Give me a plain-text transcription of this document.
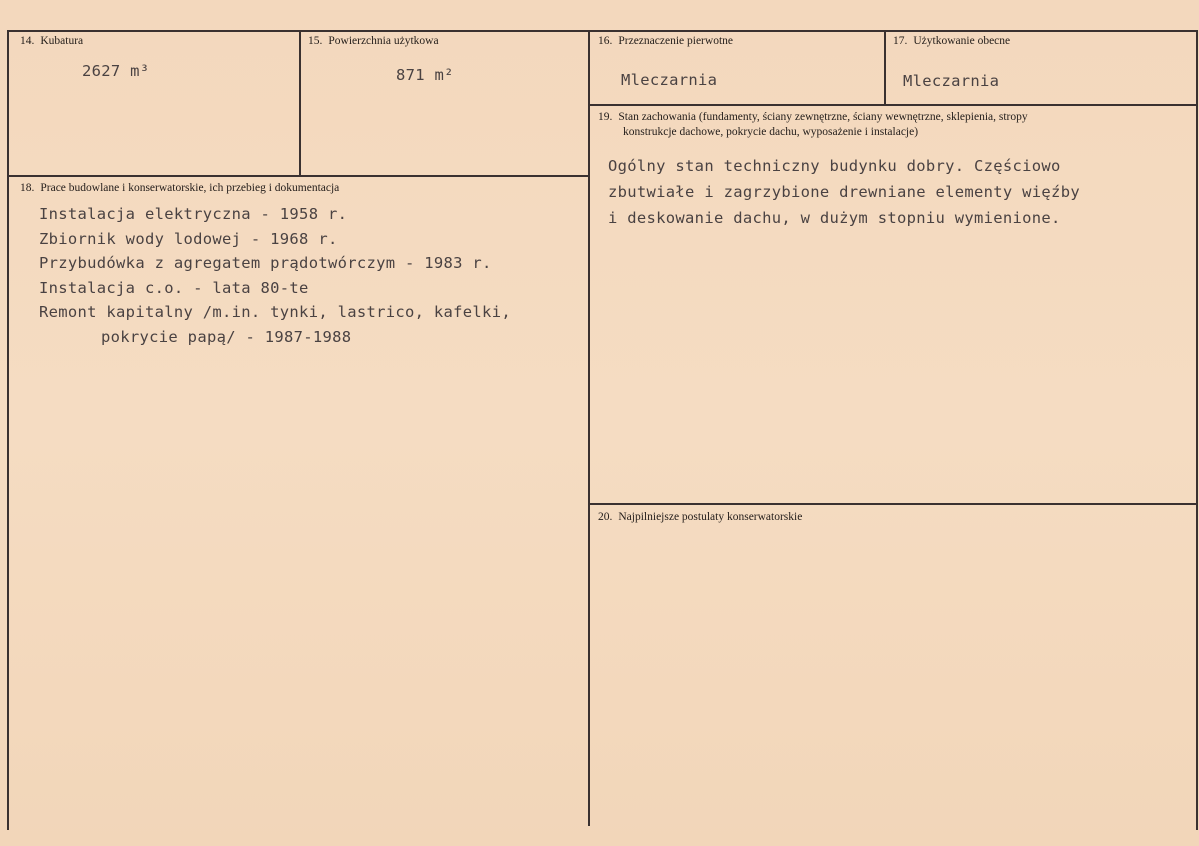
14. Kubatura
2627 m³
15. Powierzchnia użytkowa
871 m²
16. Przeznaczenie pierwotne
Mleczarnia
17. Użytkowanie obecne
Mleczarnia
18. Prace budowlane i konserwatorskie, ich przebieg i dokumentacja
Instalacja elektryczna - 1958 r.
Zbiornik wody lodowej - 1968 r.
Przybudówka z agregatem prądotwórczym - 1983 r.
Instalacja c.o. - lata 80-te
Remont kapitalny /m.in. tynki, lastrico, kafelki,
pokrycie papą/ - 1987-1988
19. Stan zachowania (fundamenty, ściany zewnętrzne, ściany wewnętrzne, sklepienia, stropy
konstrukcje dachowe, pokrycie dachu, wyposażenie i instalacje)
Ogólny stan techniczny budynku dobry. Częściowo
zbutwiałe i zagrzybione drewniane elementy więźby
i deskowanie dachu, w dużym stopniu wymienione.
20. Najpilniejsze postulaty konserwatorskie
